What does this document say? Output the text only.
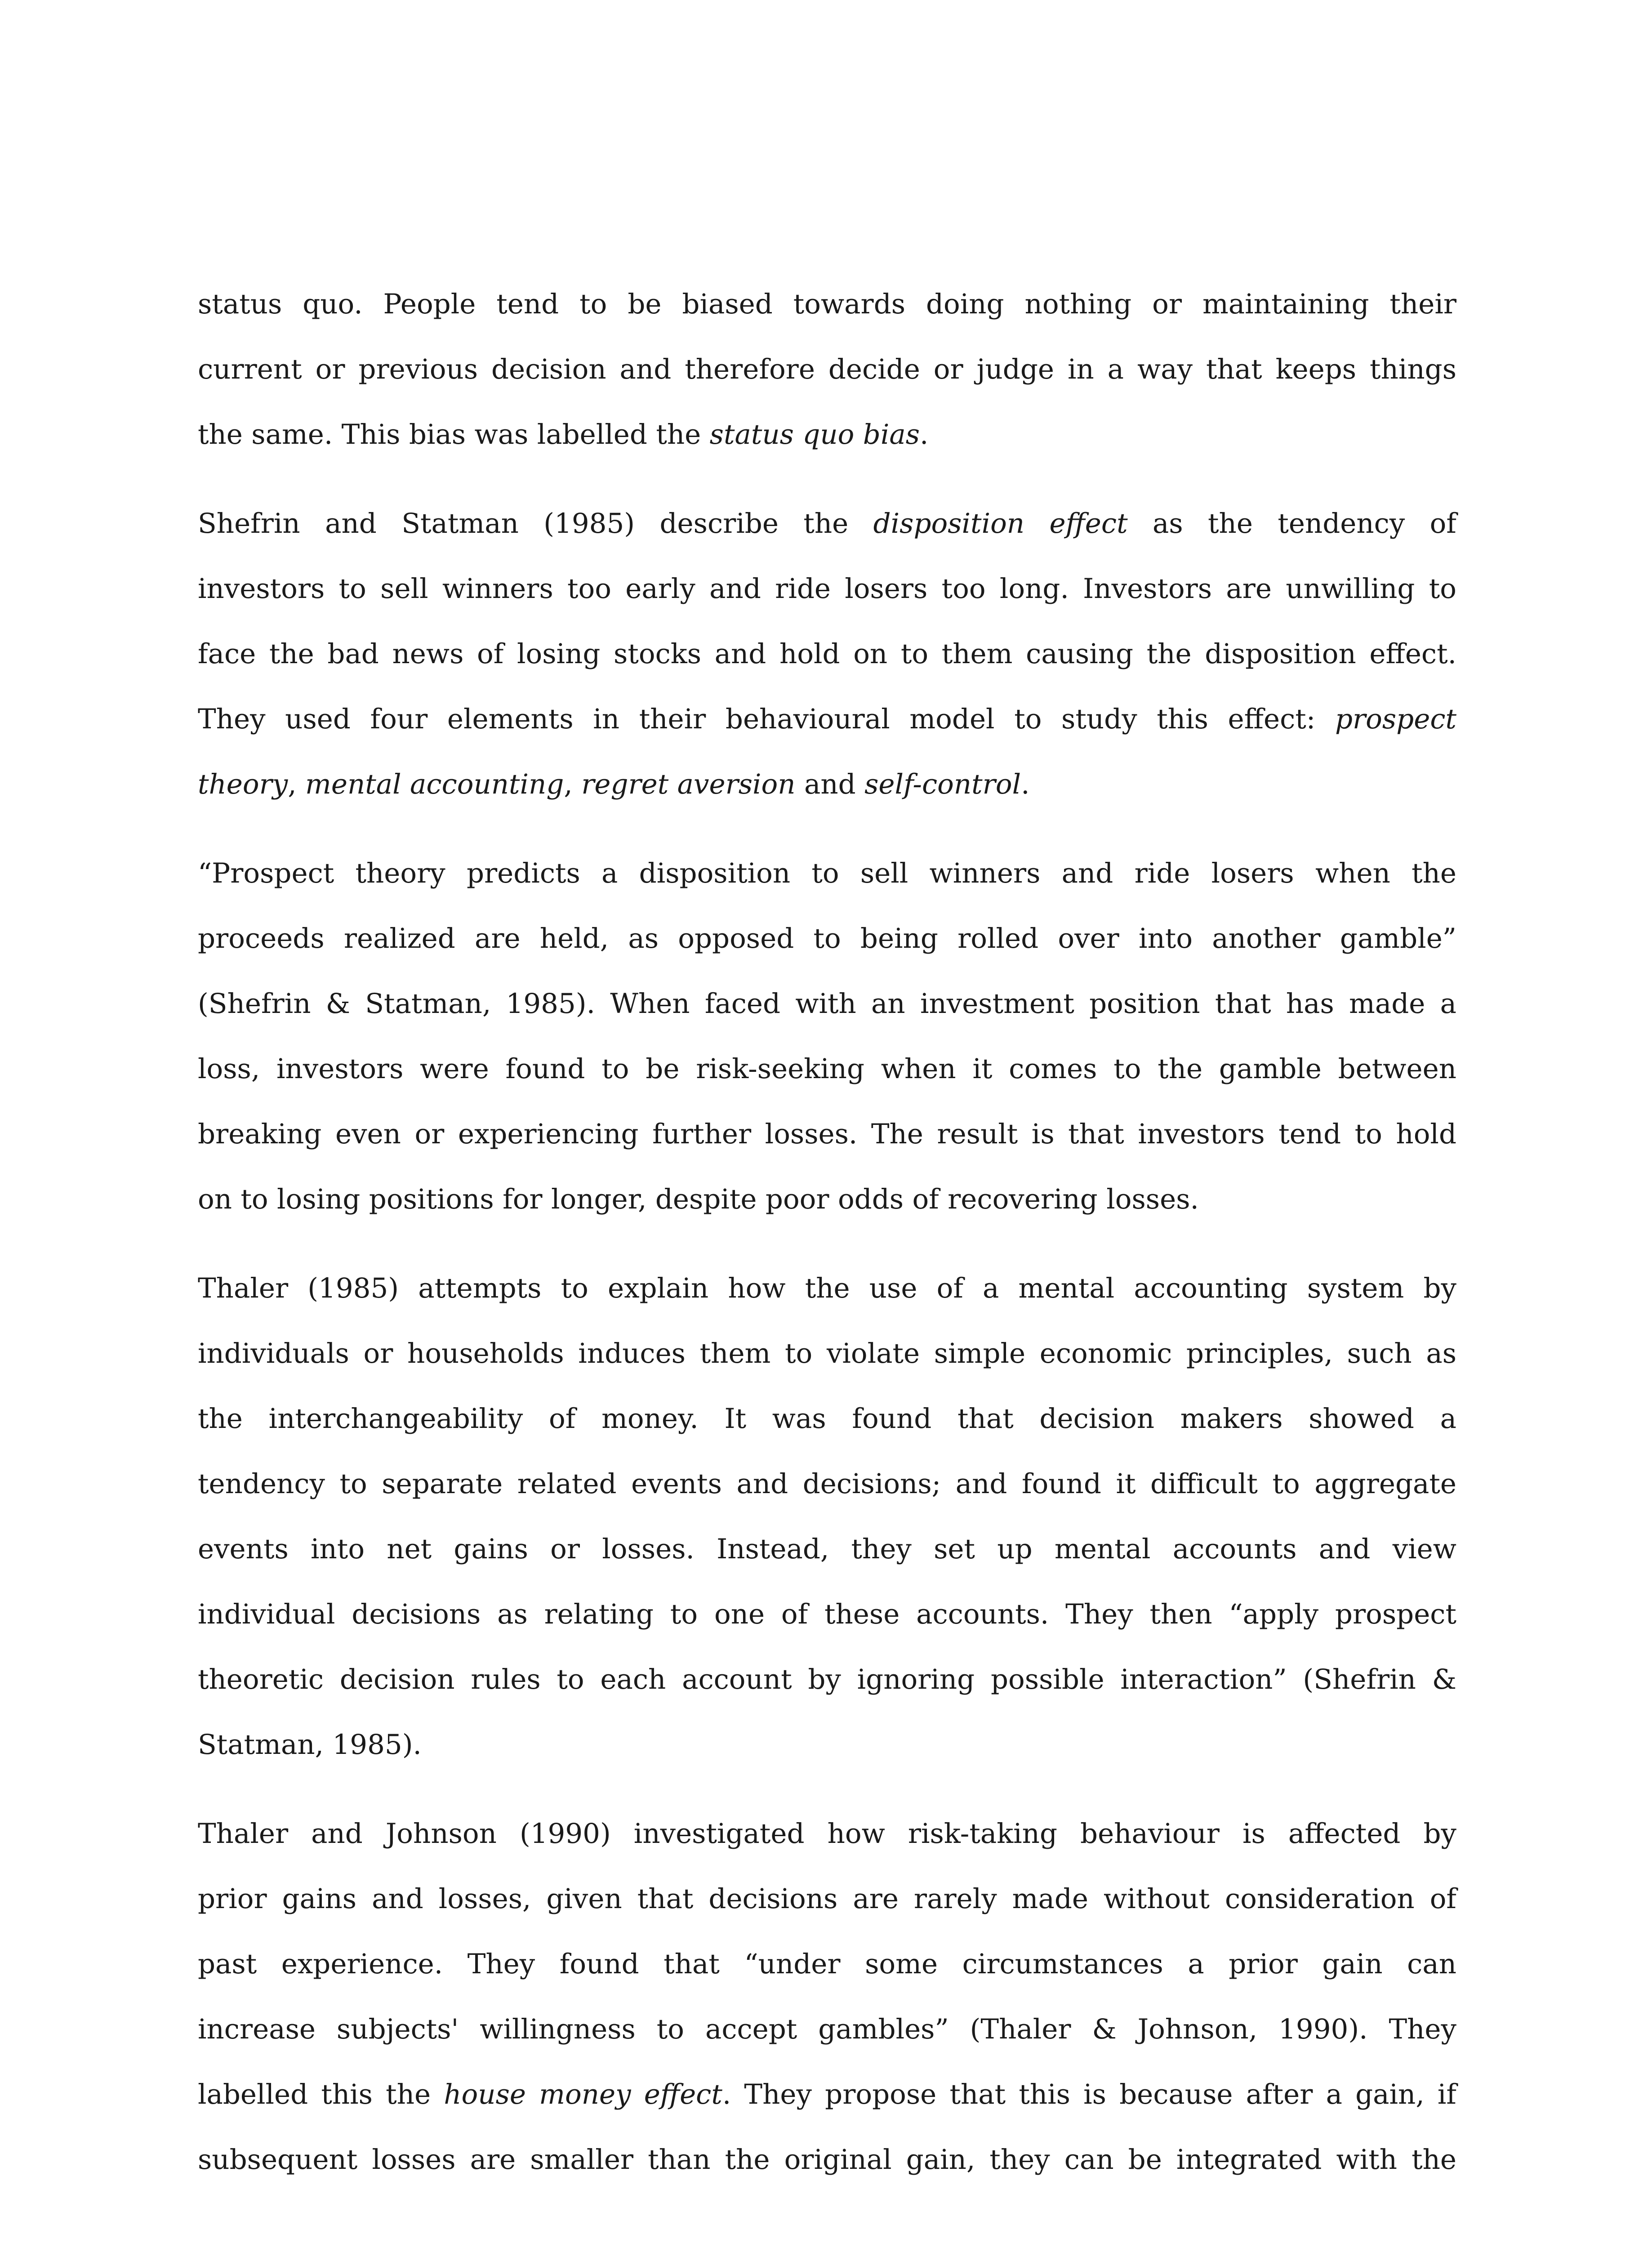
status quo. People tend to be biased towards doing nothing or maintaining their
current or previous decision and therefore decide or judge in a way that keeps things
the same. This bias was labelled the status quo bias.
Shefrin and Statman (1985) describe the disposition effect as the tendency of
investors to sell winners too early and ride losers too long. Investors are unwilling to
face the bad news of losing stocks and hold on to them causing the disposition effect.
They used four elements in their behavioural model to study this effect: prospect
theory, mental accounting, regret aversion and self-control.
“Prospect theory predicts a disposition to sell winners and ride losers when the
proceeds realized are held, as opposed to being rolled over into another gamble”
(Shefrin & Statman, 1985). When faced with an investment position that has made a
loss, investors were found to be risk-seeking when it comes to the gamble between
breaking even or experiencing further losses. The result is that investors tend to hold
on to losing positions for longer, despite poor odds of recovering losses.
Thaler (1985) attempts to explain how the use of a mental accounting system by
individuals or households induces them to violate simple economic principles, such as
the interchangeability of money. It was found that decision makers showed a
tendency to separate related events and decisions; and found it difficult to aggregate
events into net gains or losses. Instead, they set up mental accounts and view
individual decisions as relating to one of these accounts. They then “apply prospect
theoretic decision rules to each account by ignoring possible interaction” (Shefrin &
Statman, 1985).
Thaler and Johnson (1990) investigated how risk-taking behaviour is affected by
prior gains and losses, given that decisions are rarely made without consideration of
past experience. They found that “under some circumstances a prior gain can
increase subjects' willingness to accept gambles” (Thaler & Johnson, 1990). They
labelled this the house money effect. They propose that this is because after a gain, if
subsequent losses are smaller than the original gain, they can be integrated with the
